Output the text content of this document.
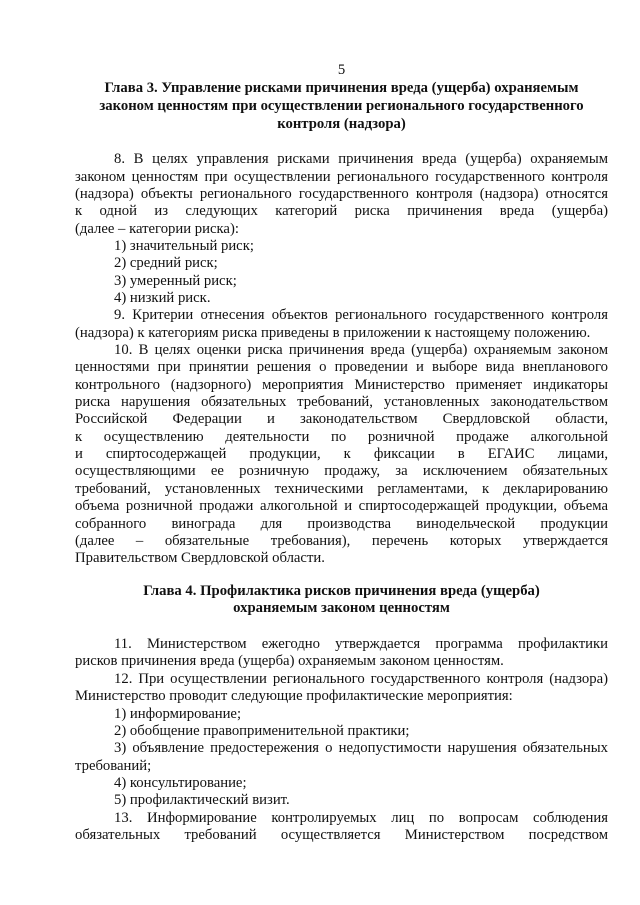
5
Глава 3. Управление рисками причинения вреда (ущерба) охраняемым
законом ценностям при осуществлении регионального государственного
контроля (надзора)
8. В целях управления рисками причинения вреда (ущерба) охраняемым
законом ценностям при осуществлении регионального государственного контроля
(надзора) объекты регионального государственного контроля (надзора) относятся
к одной из следующих категорий риска причинения вреда (ущерба)
(далее – категории риска):
1) значительный риск;
2) средний риск;
3) умеренный риск;
4) низкий риск.
9. Критерии отнесения объектов регионального государственного контроля
(надзора) к категориям риска приведены в приложении к настоящему положению.
10. В целях оценки риска причинения вреда (ущерба) охраняемым законом
ценностями при принятии решения о проведении и выборе вида внепланового
контрольного (надзорного) мероприятия Министерство применяет индикаторы
риска нарушения обязательных требований, установленных законодательством
Российской Федерации и законодательством Свердловской области,
к осуществлению деятельности по розничной продаже алкогольной
и спиртосодержащей продукции, к фиксации в ЕГАИС лицами,
осуществляющими ее розничную продажу, за исключением обязательных
требований, установленных техническими регламентами, к декларированию
объема розничной продажи алкогольной и спиртосодержащей продукции, объема
собранного винограда для производства винодельческой продукции
(далее – обязательные требования), перечень которых утверждается
Правительством Свердловской области.
Глава 4. Профилактика рисков причинения вреда (ущерба)
охраняемым законом ценностям
11. Министерством ежегодно утверждается программа профилактики
рисков причинения вреда (ущерба) охраняемым законом ценностям.
12. При осуществлении регионального государственного контроля (надзора)
Министерство проводит следующие профилактические мероприятия:
1) информирование;
2) обобщение правоприменительной практики;
3) объявление предостережения о недопустимости нарушения обязательных
требований;
4) консультирование;
5) профилактический визит.
13. Информирование контролируемых лиц по вопросам соблюдения
обязательных требований осуществляется Министерством посредством
